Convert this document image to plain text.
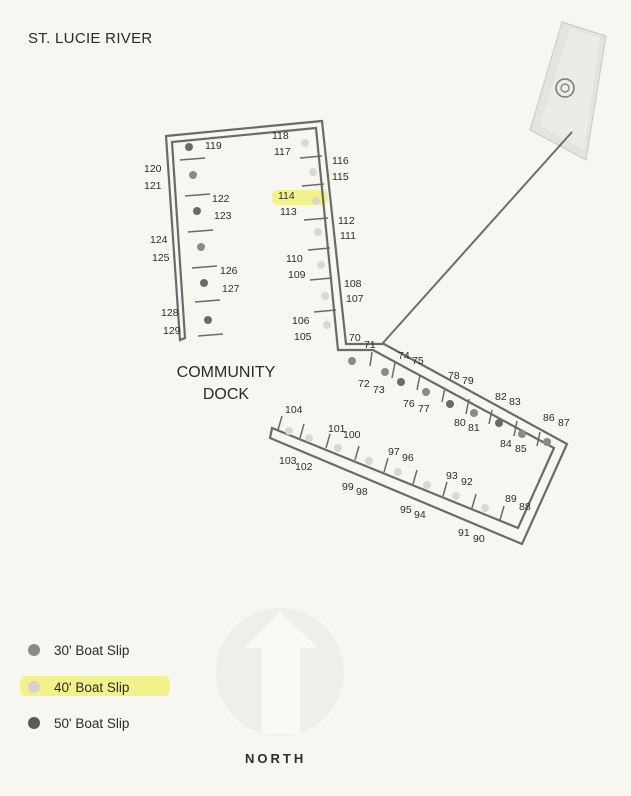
70
71
72 73
74 75
76 77
78 79
80 81
82 83
84 85
86 87
88
89
90
91
92
93
94
95
96
97
98
99
100
101
102
103
104
105
106
107
108
109
110
111
112
113
114
115
116
117
118
119
120
121
122
123
124
125
126
127
128
129
ST. LUCIE RIVER
COMMUNITY
DOCK
30' Boat Slip
40' Boat Slip
50' Boat Slip
NORTH
